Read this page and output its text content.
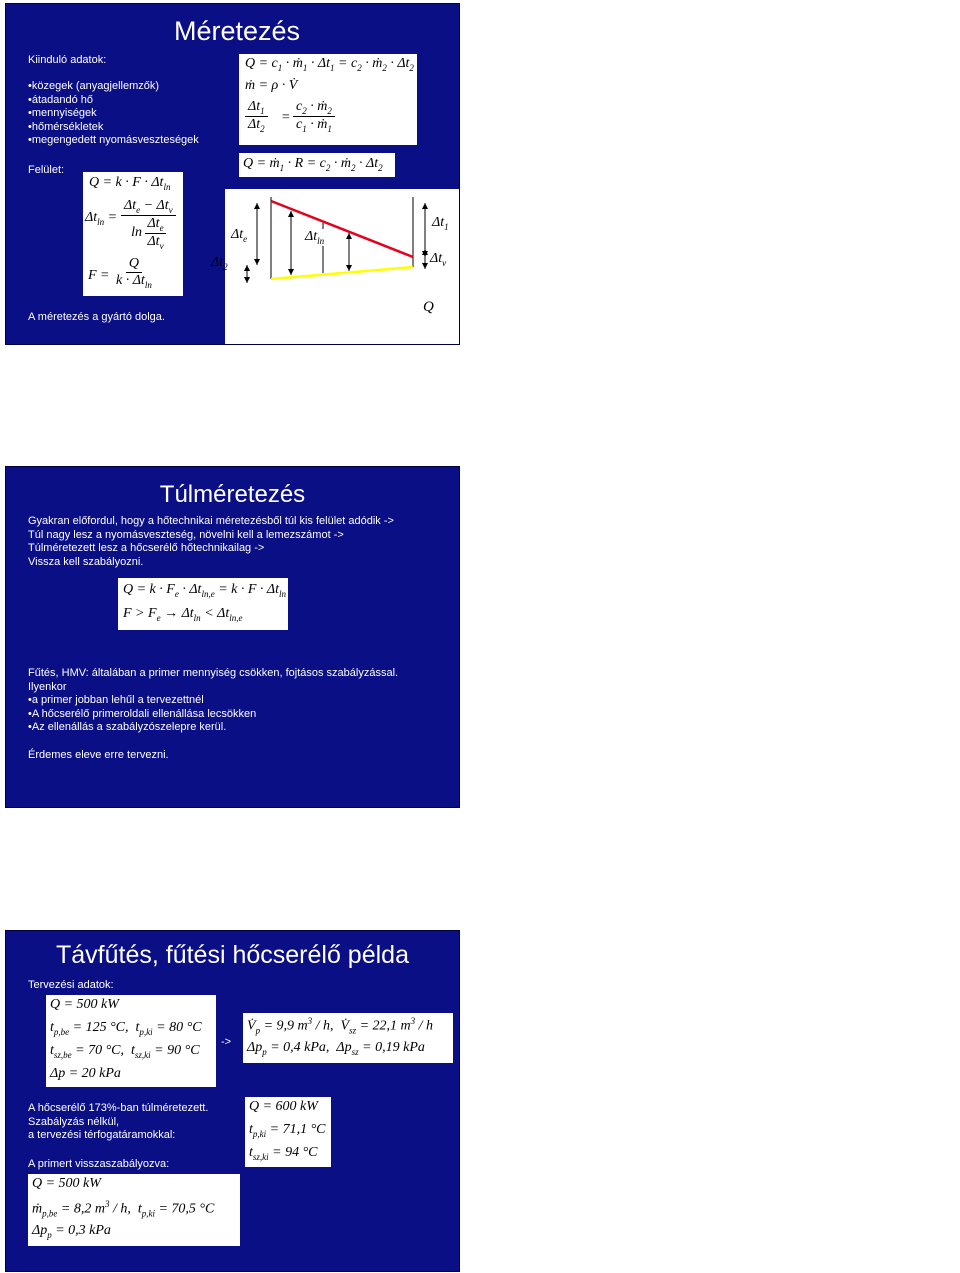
Méretezés
Kiinduló adatok:
•közegek (anyagjellemzők)
•átadandó hő
•mennyiségek
•hőmérsékletek
•megengedett nyomásveszteségek
Felület:
$Q = k \cdot F \cdot \Delta t_{ln}$
$\Delta t_{ln}$ =
$\Delta t_e - \Delta t_v$
ln
$\Delta t_e$
$\Delta t_v$
$F = \frac{Q}{k \cdot \Delta t_{ln}}$
A méretezés a gyártó dolga.
$Q = c_1$ · ṁ$_1$ · $\Delta t_1 = c_2$ · ṁ$_2$ · $\Delta t_2$
ṁ = ρ · V̇
$\frac{\Delta t_1}{\Delta t_2} = \frac{c_2 \cdot ṁ_2}{c_1 \cdot ṁ_1}$
Q = ṁ$_1$ · $R = c_2$ · ṁ$_2$ · $\Delta t_2$
$\Delta t_e$
$\Delta t_2$
$\Delta t_{ln}$
$\Delta t_1$
$\Delta t_v$
Q
Túlméretezés
Gyakran előfordul, hogy a hőtechnikai méretezésből túl kis felület adódik ->
Túl nagy lesz a nyomásveszteség, növelni kell a lemezszámot ->
Túlméretezett lesz a hőcserélő hőtechnikailag ->
Vissza kell szabályozni.
$Q = k \cdot F_e \cdot \Delta t_{ln,e} = k \cdot F \cdot \Delta t_{ln}$
$F > F_e \to \Delta t_{ln} < \Delta t_{ln,e}$
Fűtés, HMV: általában a primer mennyiség csökken, fojtásos szabályzással.
Ilyenkor
•a primer jobban lehűl a tervezettnél
•A hőcserélő primeroldali ellenállása lecsökken
•Az ellenállás a szabályzószelepre kerül.
Érdemes eleve erre tervezni.
Távfűtés, fűtési hőcserélő példa
Tervezési adatok:
Q = 500 kW
$t_{p,be} = 125$ °C,  $t_{p,ki} = 80$ °C
$t_{sz,be} = 70$ °C,  $t_{sz,ki} = 90$ °C
Δp = 20 kPa
->
$V̇_p = 9,9$ $m^3$ / h,  $V̇_{sz} = 22,1$ $m^3$ / h
$\Delta p_p = 0,4$ kPa,  $\Delta p_{sz} = 0,19$ kPa
A hőcserélő 173%-ban túlméretezett.
Szabályzás nélkül,
a tervezési térfogatáramokkal:
Q = 600 kW
$t_{p,ki} = 71,1$ °C
$t_{sz,ki} = 94$ °C
A primert visszaszabályozva:
Q = 500 kW
ṁ$_{p,be}$ = 8,2 $m^3$ / h,  $t_{p,ki} = 70,5$ °C
$\Delta p_p = 0,3$ kPa
